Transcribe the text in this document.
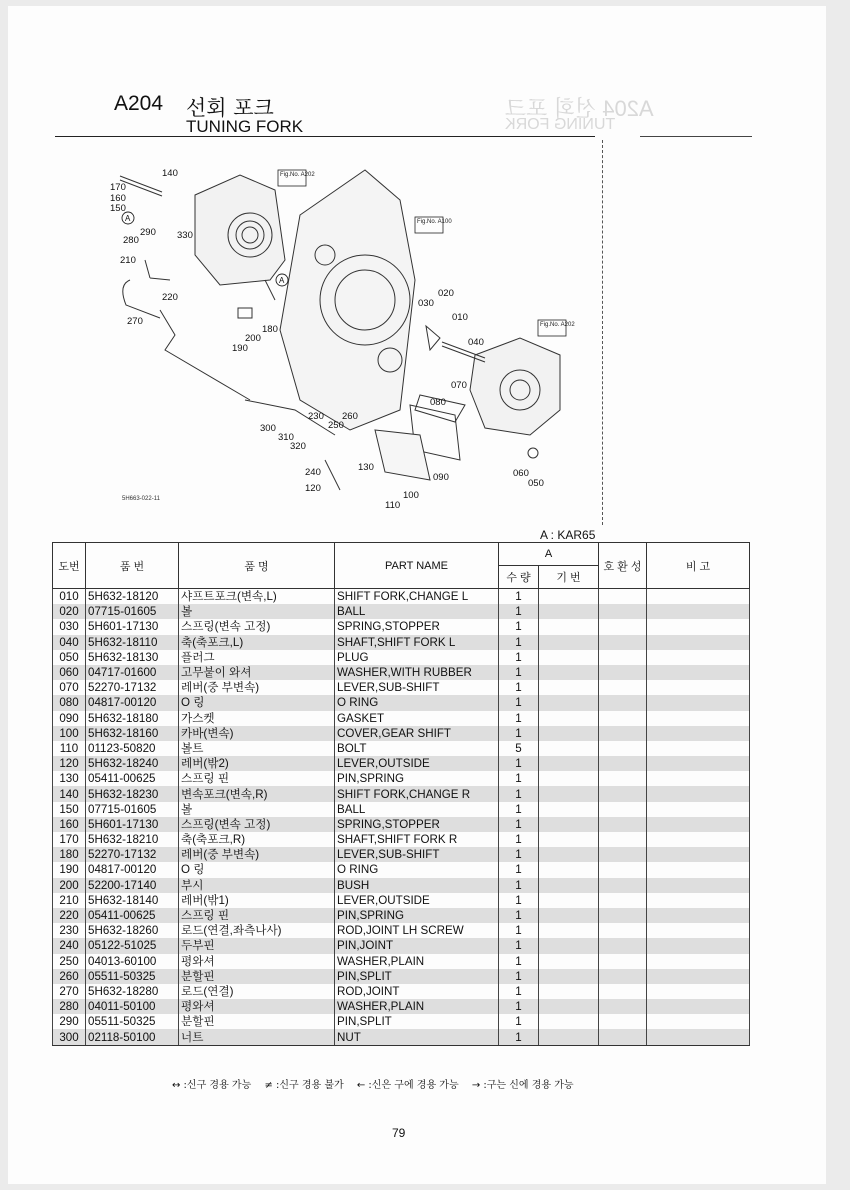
A204 선회 포크
TUNING FORK
A204 선회 포크
TUNING FORK
Fig.No. A202
Fig.No. A100
Fig.No. A202
A
A
140
170
160
150
290
280	330
210
220
270
180
200
190
020
030
010
040
070
080
230 260
250
300
310
320
240	130
120
090
100
110
060
050
5H663-022-11
A : KAR65
도번	품 번	품 명	PART NAME	A		호 환 성	비 고
				수 량	기 번		
010	5H632-18120	샤프트포크(변속,L)	SHIFT FORK,CHANGE L	1			
020	07715-01605	볼	BALL	1			
030	5H601-17130	스프링(변속 고정)	SPRING,STOPPER	1			
040	5H632-18110	축(축포크,L)	SHAFT,SHIFT FORK L	1			
050	5H632-18130	플러그	PLUG	1			
060	04717-01600	고무붙이 와셔	WASHER,WITH RUBBER	1			
070	52270-17132	레버(중 부변속)	LEVER,SUB-SHIFT	1			
080	04817-00120	O 링	O RING	1			
090	5H632-18180	가스켓	GASKET	1			
100	5H632-18160	카바(변속)	COVER,GEAR SHIFT	1			
110	01123-50820	볼트	BOLT	5			
120	5H632-18240	레버(밖2)	LEVER,OUTSIDE	1			
130	05411-00625	스프링 핀	PIN,SPRING	1			
140	5H632-18230	변속포크(변속,R)	SHIFT FORK,CHANGE R	1			
150	07715-01605	볼	BALL	1			
160	5H601-17130	스프링(변속 고정)	SPRING,STOPPER	1			
170	5H632-18210	축(축포크,R)	SHAFT,SHIFT FORK R	1			
180	52270-17132	레버(중 부변속)	LEVER,SUB-SHIFT	1			
190	04817-00120	O 링	O RING	1			
200	52200-17140	부시	BUSH	1			
210	5H632-18140	레버(밖1)	LEVER,OUTSIDE	1			
220	05411-00625	스프링 핀	PIN,SPRING	1			
230	5H632-18260	로드(연결,좌측나사)	ROD,JOINT LH SCREW	1			
240	05122-51025	두부핀	PIN,JOINT	1			
250	04013-60100	평와셔	WASHER,PLAIN	1			
260	05511-50325	분할핀	PIN,SPLIT	1			
270	5H632-18280	로드(연결)	ROD,JOINT	1			
280	04011-50100	평와셔	WASHER,PLAIN	1			
290	05511-50325	분할핀	PIN,SPLIT	1			
300	02118-50100	너트	NUT	1			
↔ :신구 경용 가능 ≠ :신구 경용 불가 ← :신은 구에 경용 가능 → :구는 신에 경용 가능
79
